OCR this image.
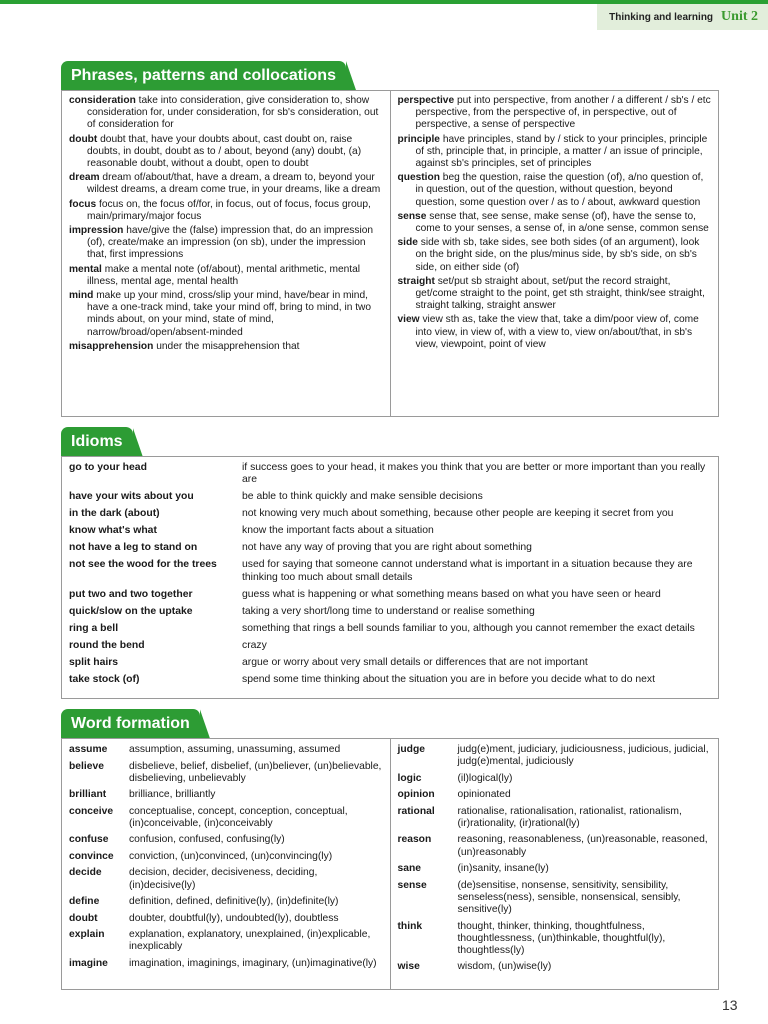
Thinking and learning Unit 2
Phrases, patterns and collocations
consideration take into consideration, give consideration to, show consideration for, under consideration, for sb's consideration, out of consideration for
doubt doubt that, have your doubts about, cast doubt on, raise doubts, in doubt, doubt as to / about, beyond (any) doubt, (a) reasonable doubt, without a doubt, open to doubt
dream dream of/about/that, have a dream, a dream to, beyond your wildest dreams, a dream come true, in your dreams, like a dream
focus focus on, the focus of/for, in focus, out of focus, focus group, main/primary/major focus
impression have/give the (false) impression that, do an impression (of), create/make an impression (on sb), under the impression that, first impressions
mental make a mental note (of/about), mental arithmetic, mental illness, mental age, mental health
mind make up your mind, cross/slip your mind, have/bear in mind, have a one-track mind, take your mind off, bring to mind, in two minds about, on your mind, state of mind, narrow/broad/open/absent-minded
misapprehension under the misapprehension that
perspective put into perspective, from another / a different / sb's / etc perspective, from the perspective of, in perspective, out of perspective, a sense of perspective
principle have principles, stand by / stick to your principles, principle of sth, principle that, in principle, a matter / an issue of principle, against sb's principles, set of principles
question beg the question, raise the question (of), a/no question of, in question, out of the question, without question, beyond question, some question over / as to / about, awkward question
sense sense that, see sense, make sense (of), have the sense to, come to your senses, a sense of, in a/one sense, common sense
side side with sb, take sides, see both sides (of an argument), look on the bright side, on the plus/minus side, by sb's side, on sb's side, on either side (of)
straight set/put sb straight about, set/put the record straight, get/come straight to the point, get sth straight, think/see straight, straight talking, straight answer
view view sth as, take the view that, take a dim/poor view of, come into view, in view of, with a view to, view on/about/that, in sb's view, viewpoint, point of view
Idioms
go to your head	if success goes to your head, it makes you think that you are better or more important than you really are
have your wits about you	be able to think quickly and make sensible decisions
in the dark (about)	not knowing very much about something, because other people are keeping it secret from you
know what's what	know the important facts about a situation
not have a leg to stand on	not have any way of proving that you are right about something
not see the wood for the trees	used for saying that someone cannot understand what is important in a situation because they are thinking too much about small details
put two and two together	guess what is happening or what something means based on what you have seen or heard
quick/slow on the uptake	taking a very short/long time to understand or realise something
ring a bell	something that rings a bell sounds familiar to you, although you cannot remember the exact details
round the bend	crazy
split hairs	argue or worry about very small details or differences that are not important
take stock (of)	spend some time thinking about the situation you are in before you decide what to do next
Word formation
assume	assumption, assuming, unassuming, assumed
believe	disbelieve, belief, disbelief, (un)believer, (un)believable, disbelieving, unbelievably
brilliant	brilliance, brilliantly
conceive	conceptualise, concept, conception, conceptual, (in)conceivable, (in)conceivably
confuse	confusion, confused, confusing(ly)
convince	conviction, (un)convinced, (un)convincing(ly)
decide	decision, decider, decisiveness, deciding, (in)decisive(ly)
define	definition, defined, definitive(ly), (in)definite(ly)
doubt	doubter, doubtful(ly), undoubted(ly), doubtless
explain	explanation, explanatory, unexplained, (in)explicable, inexplicably
imagine	imagination, imaginings, imaginary, (un)imaginative(ly)
judge	judg(e)ment, judiciary, judiciousness, judicious, judicial, judg(e)mental, judiciously
logic	(il)logical(ly)
opinion	opinionated
rational	rationalise, rationalisation, rationalist, rationalism, (ir)rationality, (ir)rational(ly)
reason	reasoning, reasonableness, (un)reasonable, reasoned, (un)reasonably
sane	(in)sanity, insane(ly)
sense	(de)sensitise, nonsense, sensitivity, sensibility, senseless(ness), sensible, nonsensical, sensibly, sensitive(ly)
think	thought, thinker, thinking, thoughtfulness, thoughtlessness, (un)thinkable, thoughtful(ly), thoughtless(ly)
wise	wisdom, (un)wise(ly)
13
